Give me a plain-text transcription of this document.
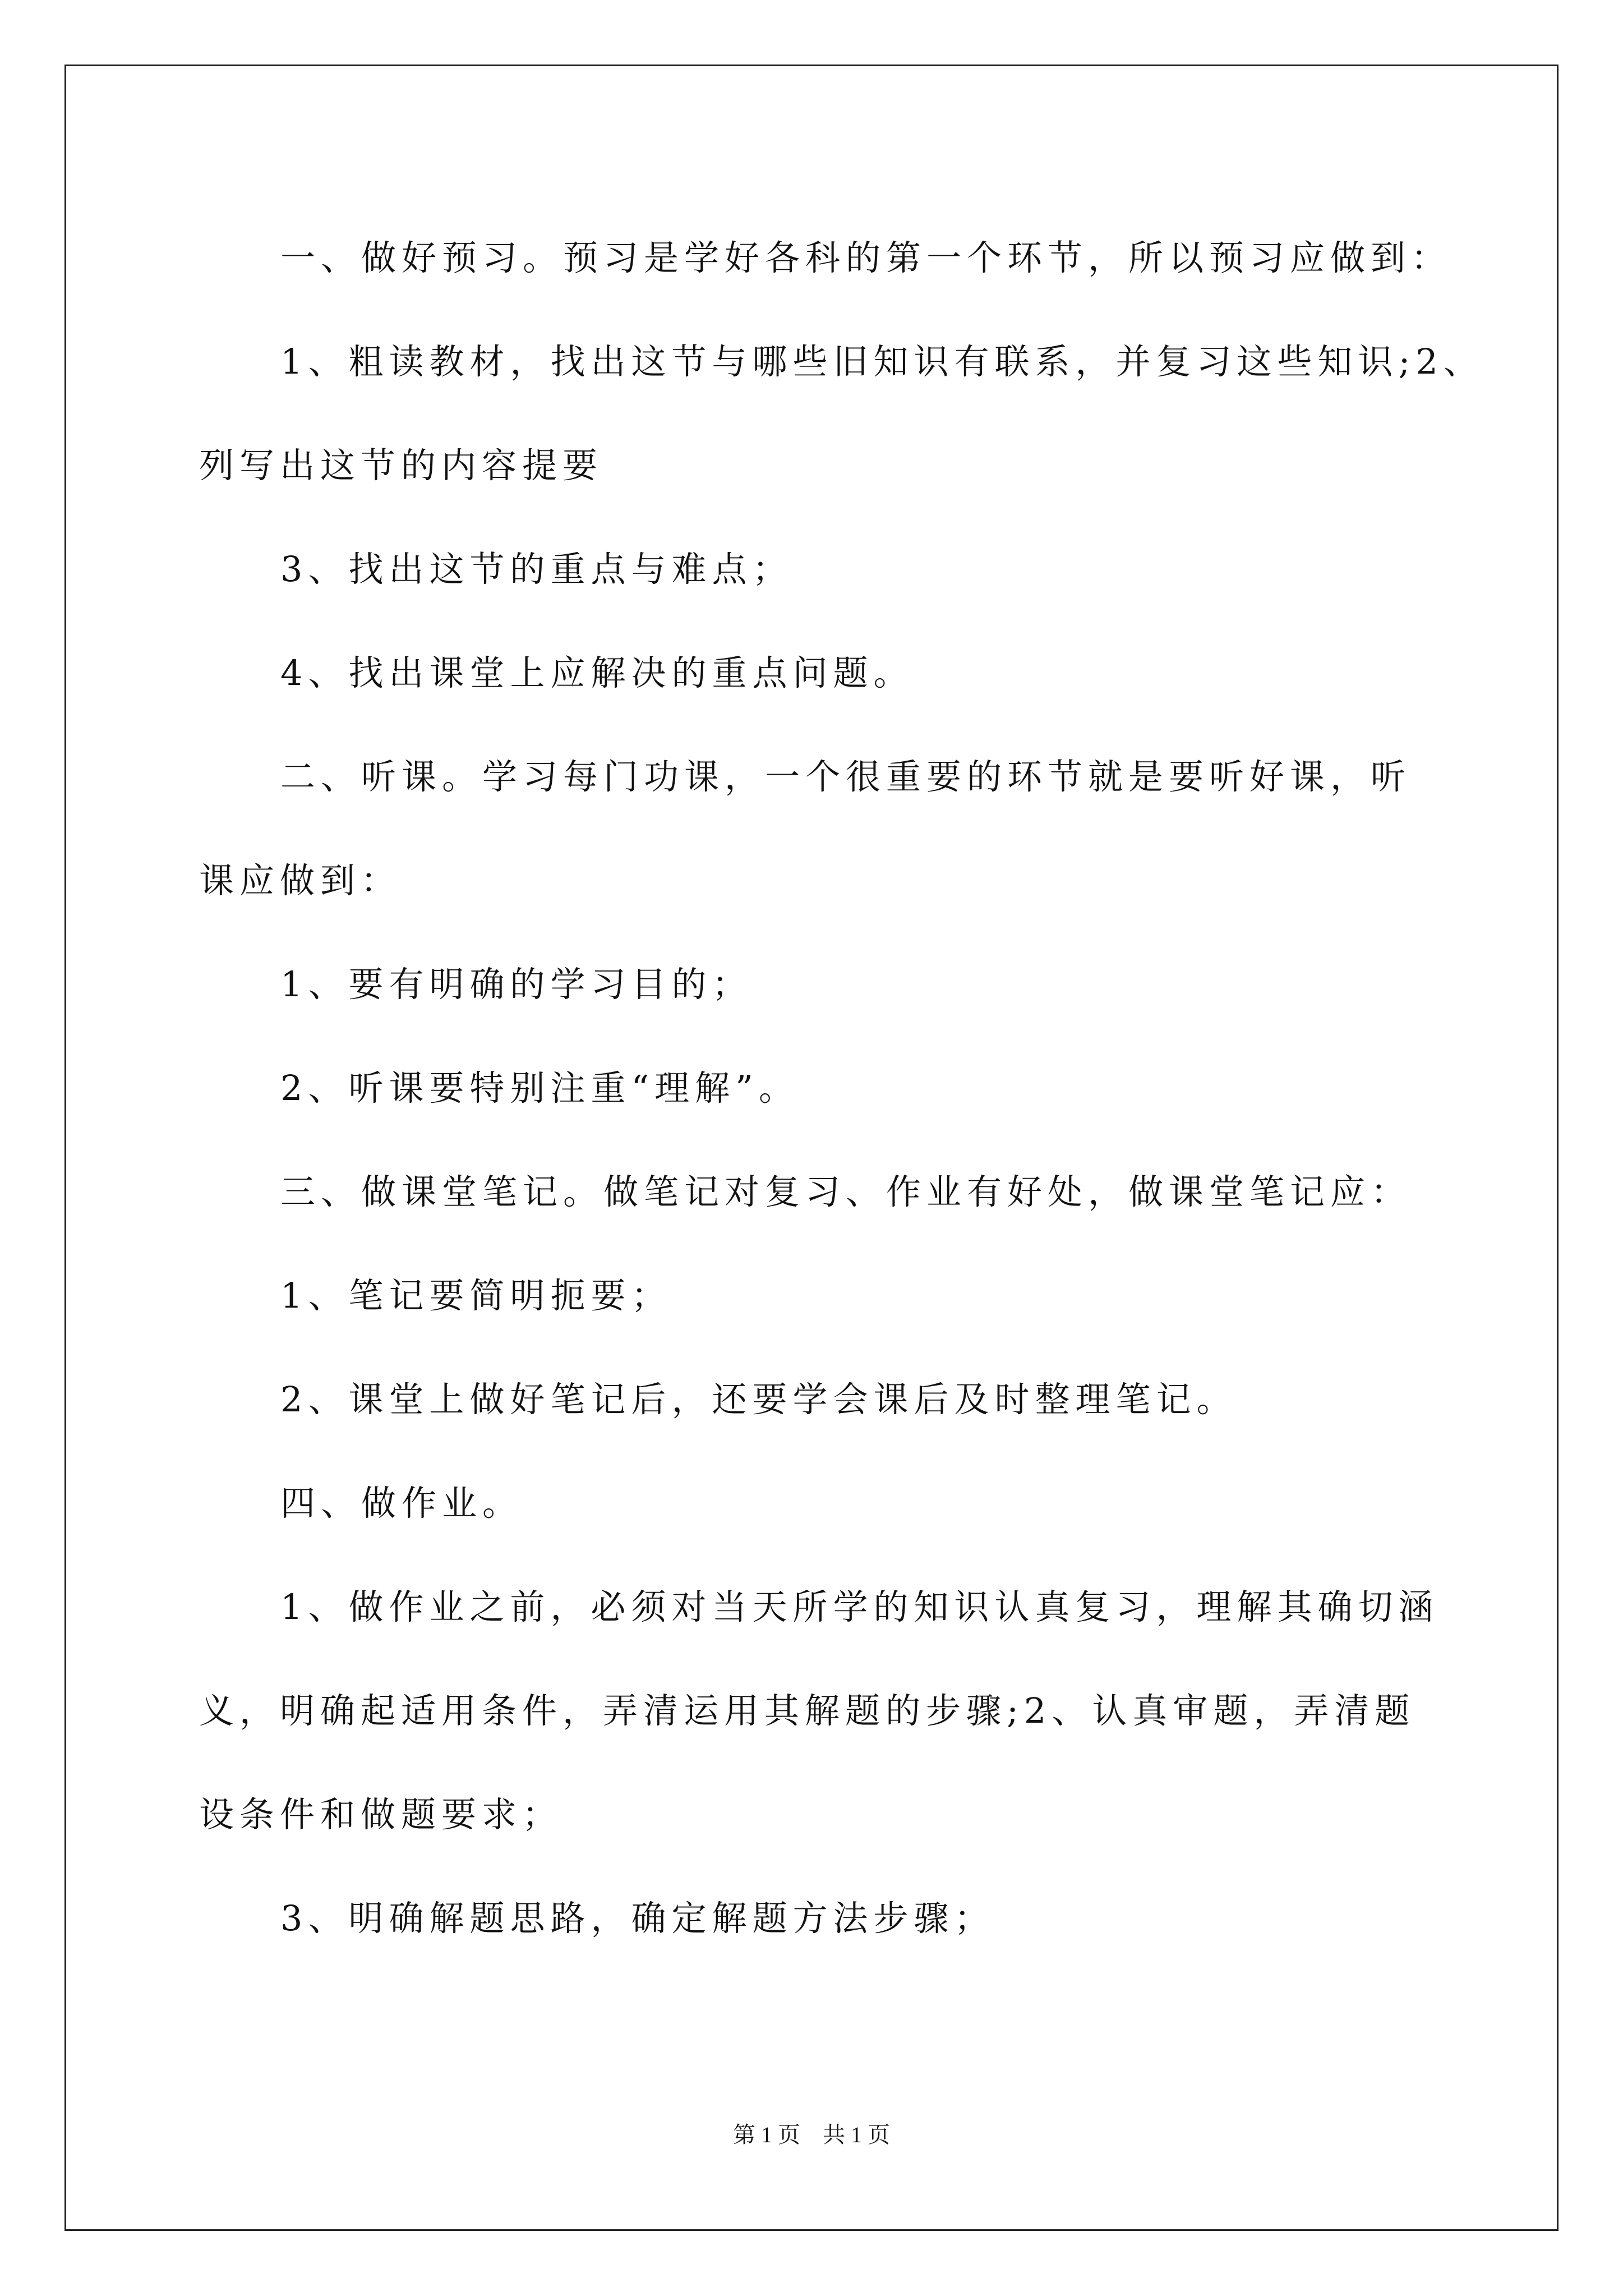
一、做好预习。预习是学好各科的第一个环节，所以预习应做到：
1、粗读教材，找出这节与哪些旧知识有联系，并复习这些知识;2、
列写出这节的内容提要
3、找出这节的重点与难点；
4、找出课堂上应解决的重点问题。
二、听课。学习每门功课，一个很重要的环节就是要听好课，听
课应做到：
1、要有明确的学习目的；
2、听课要特别注重“理解”。
三、做课堂笔记。做笔记对复习、作业有好处，做课堂笔记应：
1、笔记要简明扼要；
2、课堂上做好笔记后，还要学会课后及时整理笔记。
四、做作业。
1、做作业之前，必须对当天所学的知识认真复习，理解其确切涵
义，明确起适用条件，弄清运用其解题的步骤;2、认真审题，弄清题
设条件和做题要求；
3、明确解题思路，确定解题方法步骤；
第 1 页　共 1 页
